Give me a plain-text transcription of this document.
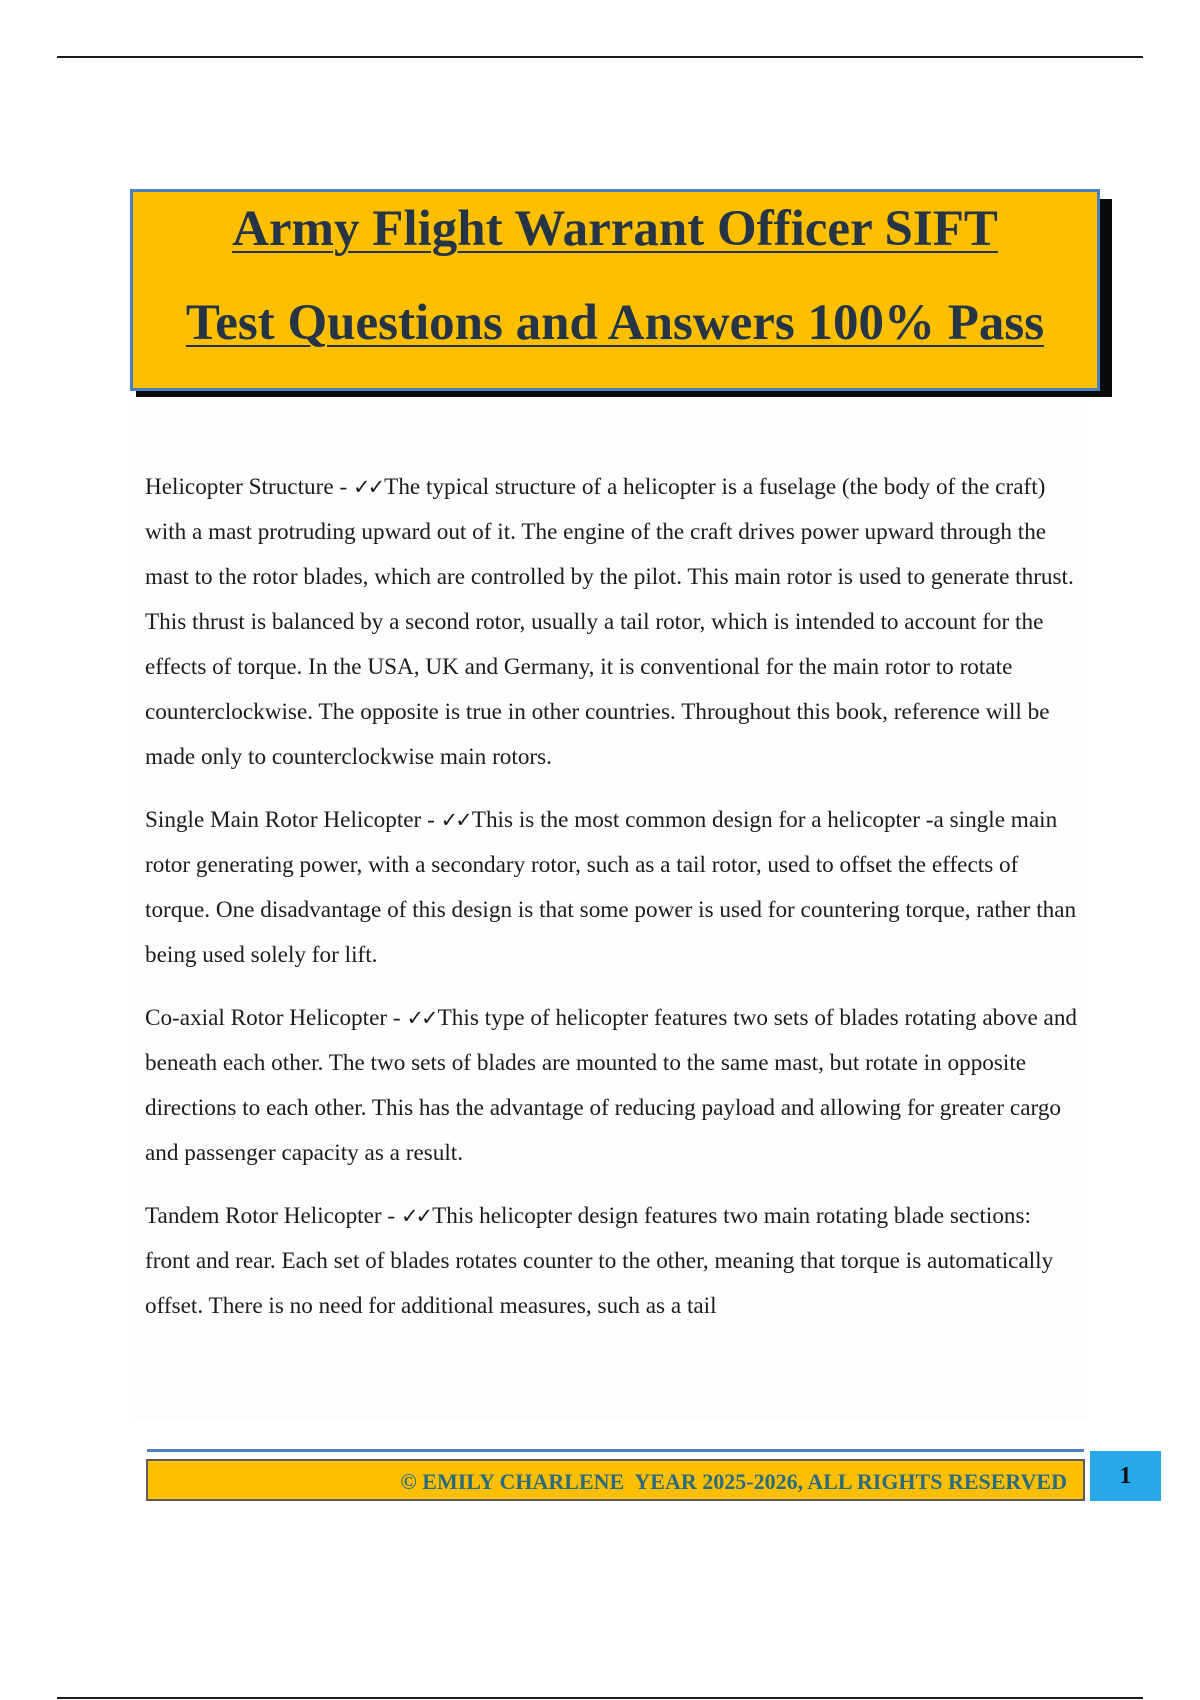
Army Flight Warrant Officer SIFT
Test Questions and Answers 100% Pass

Helicopter Structure - ✓✓The typical structure of a helicopter is a fuselage (the body of the craft) with a mast protruding upward out of it. The engine of the craft drives power upward through the mast to the rotor blades, which are controlled by the pilot. This main rotor is used to generate thrust. This thrust is balanced by a second rotor, usually a tail rotor, which is intended to account for the effects of torque. In the USA, UK and Germany, it is conventional for the main rotor to rotate counterclockwise. The opposite is true in other countries. Throughout this book, reference will be made only to counterclockwise main rotors.

Single Main Rotor Helicopter - ✓✓This is the most common design for a helicopter -a single main rotor generating power, with a secondary rotor, such as a tail rotor, used to offset the effects of torque. One disadvantage of this design is that some power is used for countering torque, rather than being used solely for lift.

Co-axial Rotor Helicopter - ✓✓This type of helicopter features two sets of blades rotating above and beneath each other. The two sets of blades are mounted to the same mast, but rotate in opposite directions to each other. This has the advantage of reducing payload and allowing for greater cargo and passenger capacity as a result.

Tandem Rotor Helicopter - ✓✓This helicopter design features two main rotating blade sections: front and rear. Each set of blades rotates counter to the other, meaning that torque is automatically offset. There is no need for additional measures, such as a tail

© EMILY CHARLENE  YEAR 2025-2026, ALL RIGHTS RESERVED	1
